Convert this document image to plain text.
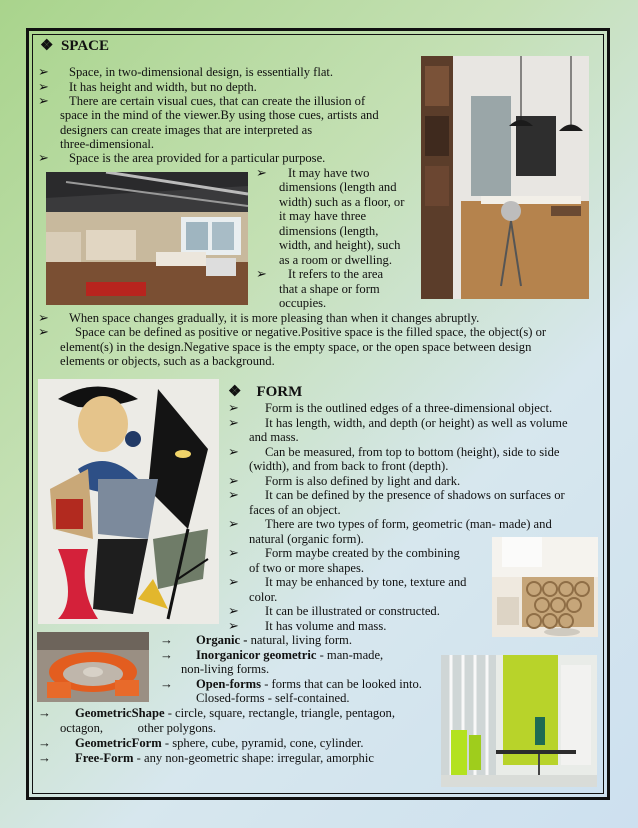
❖ SPACE
➢ Space, in two-dimensional design, is essentially flat.
➢ It has height and width, but no depth.
➢ There are certain visual cues, that can create the illusion of
space in the mind of the viewer.By using those cues, artists and
designers can create images that are interpreted as
three-dimensional.
➢ Space is the area provided for a particular purpose.
➢ It may have two
dimensions (length and
width) such as a floor, or
it may have three
dimensions (length,
width, and height), such
as a room or dwelling.
➢ It refers to the area
that a shape or form
occupies.
➢ When space changes gradually, it is more pleasing than when it changes abruptly.
➢ Space can be defined as positive or negative.Positive space is the filled space, the object(s) or
element(s) in the design.Negative space is the empty space, or the open space between design
elements or objects, such as a background.
❖ FORM
➢ Form is the outlined edges of a three-dimensional object.
➢ It has length, width, and depth (or height) as well as volume
and mass.
➢ Can be measured, from top to bottom (height), side to side
(width), and from back to front (depth).
➢ Form is also defined by light and dark.
➢ It can be defined by the presence of shadows on surfaces or
faces of an object.
➢ There are two types of form, geometric (man- made) and
natural (organic form).
➢ Form maybe created by the combining
of two or more shapes.
➢ It may be enhanced by tone, texture and
color.
➢ It can be illustrated or constructed.
➢ It has volume and mass.
→ Organic - natural, living form.
→ Inorganicor geometric - man-made,
non-living forms.
→ Open-forms - forms that can be looked into.
Closed-forms - self-contained.
→ GeometricShape - circle, square, rectangle, triangle, pentagon,
octagon,           other polygons.
→ GeometricForm - sphere, cube, pyramid, cone, cylinder.
→ Free-Form - any non-geometric shape: irregular, amorphic
